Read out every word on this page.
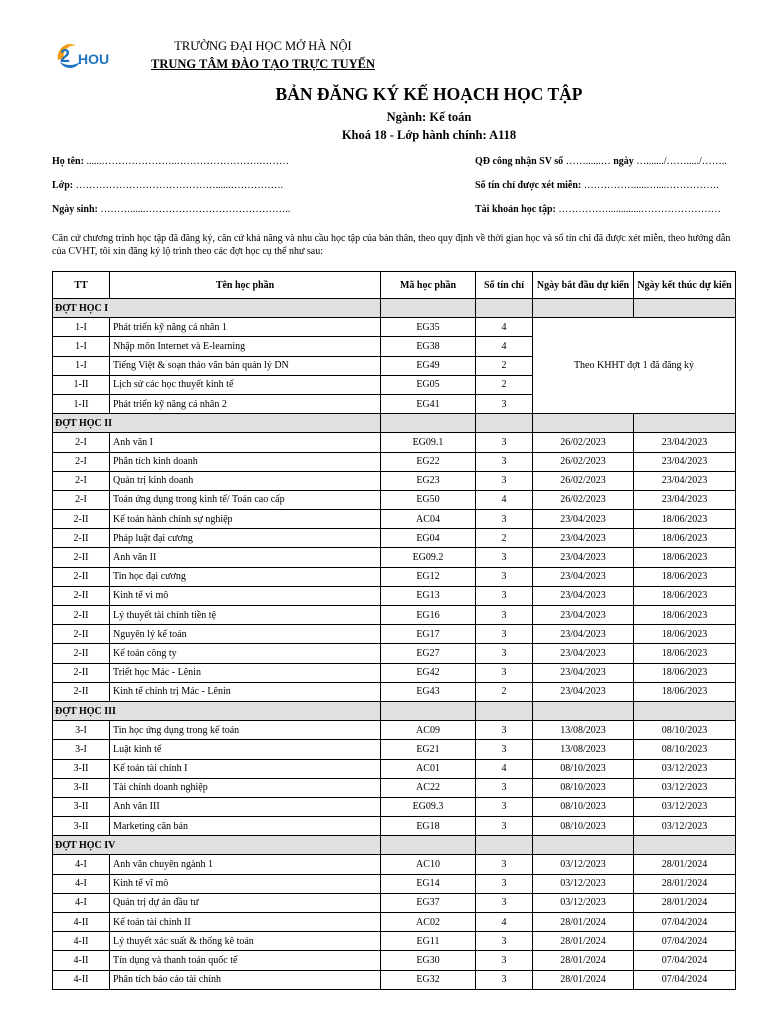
2 HOU
TRƯỜNG ĐẠI HỌC MỞ HÀ NỘI
TRUNG TÂM ĐÀO TẠO TRỰC TUYẾN
BẢN ĐĂNG KÝ KẾ HOẠCH HỌC TẬP
Ngành: Kế toán
Khoá 18 - Lớp hành chính: A118
Họ tên: ......…………………..…………………….………
Lớp: ……………………………………......…………….
Ngày sinh: ………......……………………………………..
QĐ công nhận SV số ……......… ngày …......./……...../……..
Số tín chỉ được xét miễn: …………….....…....…………….
Tài khoản học tập: …………….............……………………
Căn cứ chương trình học tập đã đăng ký, căn cứ khả năng và nhu cầu học tập của bản thân, theo quy định về thời gian học và số tín chỉ đã được xét miễn, theo hướng dẫn của CVHT, tôi xin đăng ký lộ trình theo các đợt học cụ thể như sau:
TT	Tên học phần	Mã học phần	Số tín chỉ	Ngày bắt đầu dự kiến	Ngày kết thúc dự kiến
ĐỢT HỌC I					
1-I	Phát triển kỹ năng cá nhân 1	EG35	4	Theo KHHT đợt 1 đã đăng ký	
1-I	Nhập môn Internet và E-learning	EG38	4		
1-I	Tiếng Việt & soạn thảo văn bản quản lý DN	EG49	2		
1-II	Lịch sử các học thuyết kinh tế	EG05	2		
1-II	Phát triển kỹ năng cá nhân 2	EG41	3		
ĐỢT HỌC II					
2-I	Anh văn I	EG09.1	3	26/02/2023	23/04/2023
2-I	Phân tích kinh doanh	EG22	3	26/02/2023	23/04/2023
2-I	Quản trị kinh doanh	EG23	3	26/02/2023	23/04/2023
2-I	Toán ứng dụng trong kinh tế/ Toán cao cấp	EG50	4	26/02/2023	23/04/2023
2-II	Kế toán hành chính sự nghiệp	AC04	3	23/04/2023	18/06/2023
2-II	Pháp luật đại cương	EG04	2	23/04/2023	18/06/2023
2-II	Anh văn II	EG09.2	3	23/04/2023	18/06/2023
2-II	Tin học đại cương	EG12	3	23/04/2023	18/06/2023
2-II	Kinh tế vi mô	EG13	3	23/04/2023	18/06/2023
2-II	Lý thuyết tài chính tiền tệ	EG16	3	23/04/2023	18/06/2023
2-II	Nguyên lý kế toán	EG17	3	23/04/2023	18/06/2023
2-II	Kế toán công ty	EG27	3	23/04/2023	18/06/2023
2-II	Triết học Mác - Lênin	EG42	3	23/04/2023	18/06/2023
2-II	Kinh tế chính trị Mác - Lênin	EG43	2	23/04/2023	18/06/2023
ĐỢT HỌC III					
3-I	Tin học ứng dụng trong kế toán	AC09	3	13/08/2023	08/10/2023
3-I	Luật kinh tế	EG21	3	13/08/2023	08/10/2023
3-II	Kế toán tài chính I	AC01	4	08/10/2023	03/12/2023
3-II	Tài chính doanh nghiệp	AC22	3	08/10/2023	03/12/2023
3-II	Anh văn III	EG09.3	3	08/10/2023	03/12/2023
3-II	Marketing căn bản	EG18	3	08/10/2023	03/12/2023
ĐỢT HỌC IV					
4-I	Anh văn chuyên ngành 1	AC10	3	03/12/2023	28/01/2024
4-I	Kinh tế vĩ mô	EG14	3	03/12/2023	28/01/2024
4-I	Quản trị dự án đầu tư	EG37	3	03/12/2023	28/01/2024
4-II	Kế toán tài chính II	AC02	4	28/01/2024	07/04/2024
4-II	Lý thuyết xác suất & thống kê toán	EG11	3	28/01/2024	07/04/2024
4-II	Tín dụng và thanh toán quốc tế	EG30	3	28/01/2024	07/04/2024
4-II	Phân tích báo cáo tài chính	EG32	3	28/01/2024	07/04/2024
